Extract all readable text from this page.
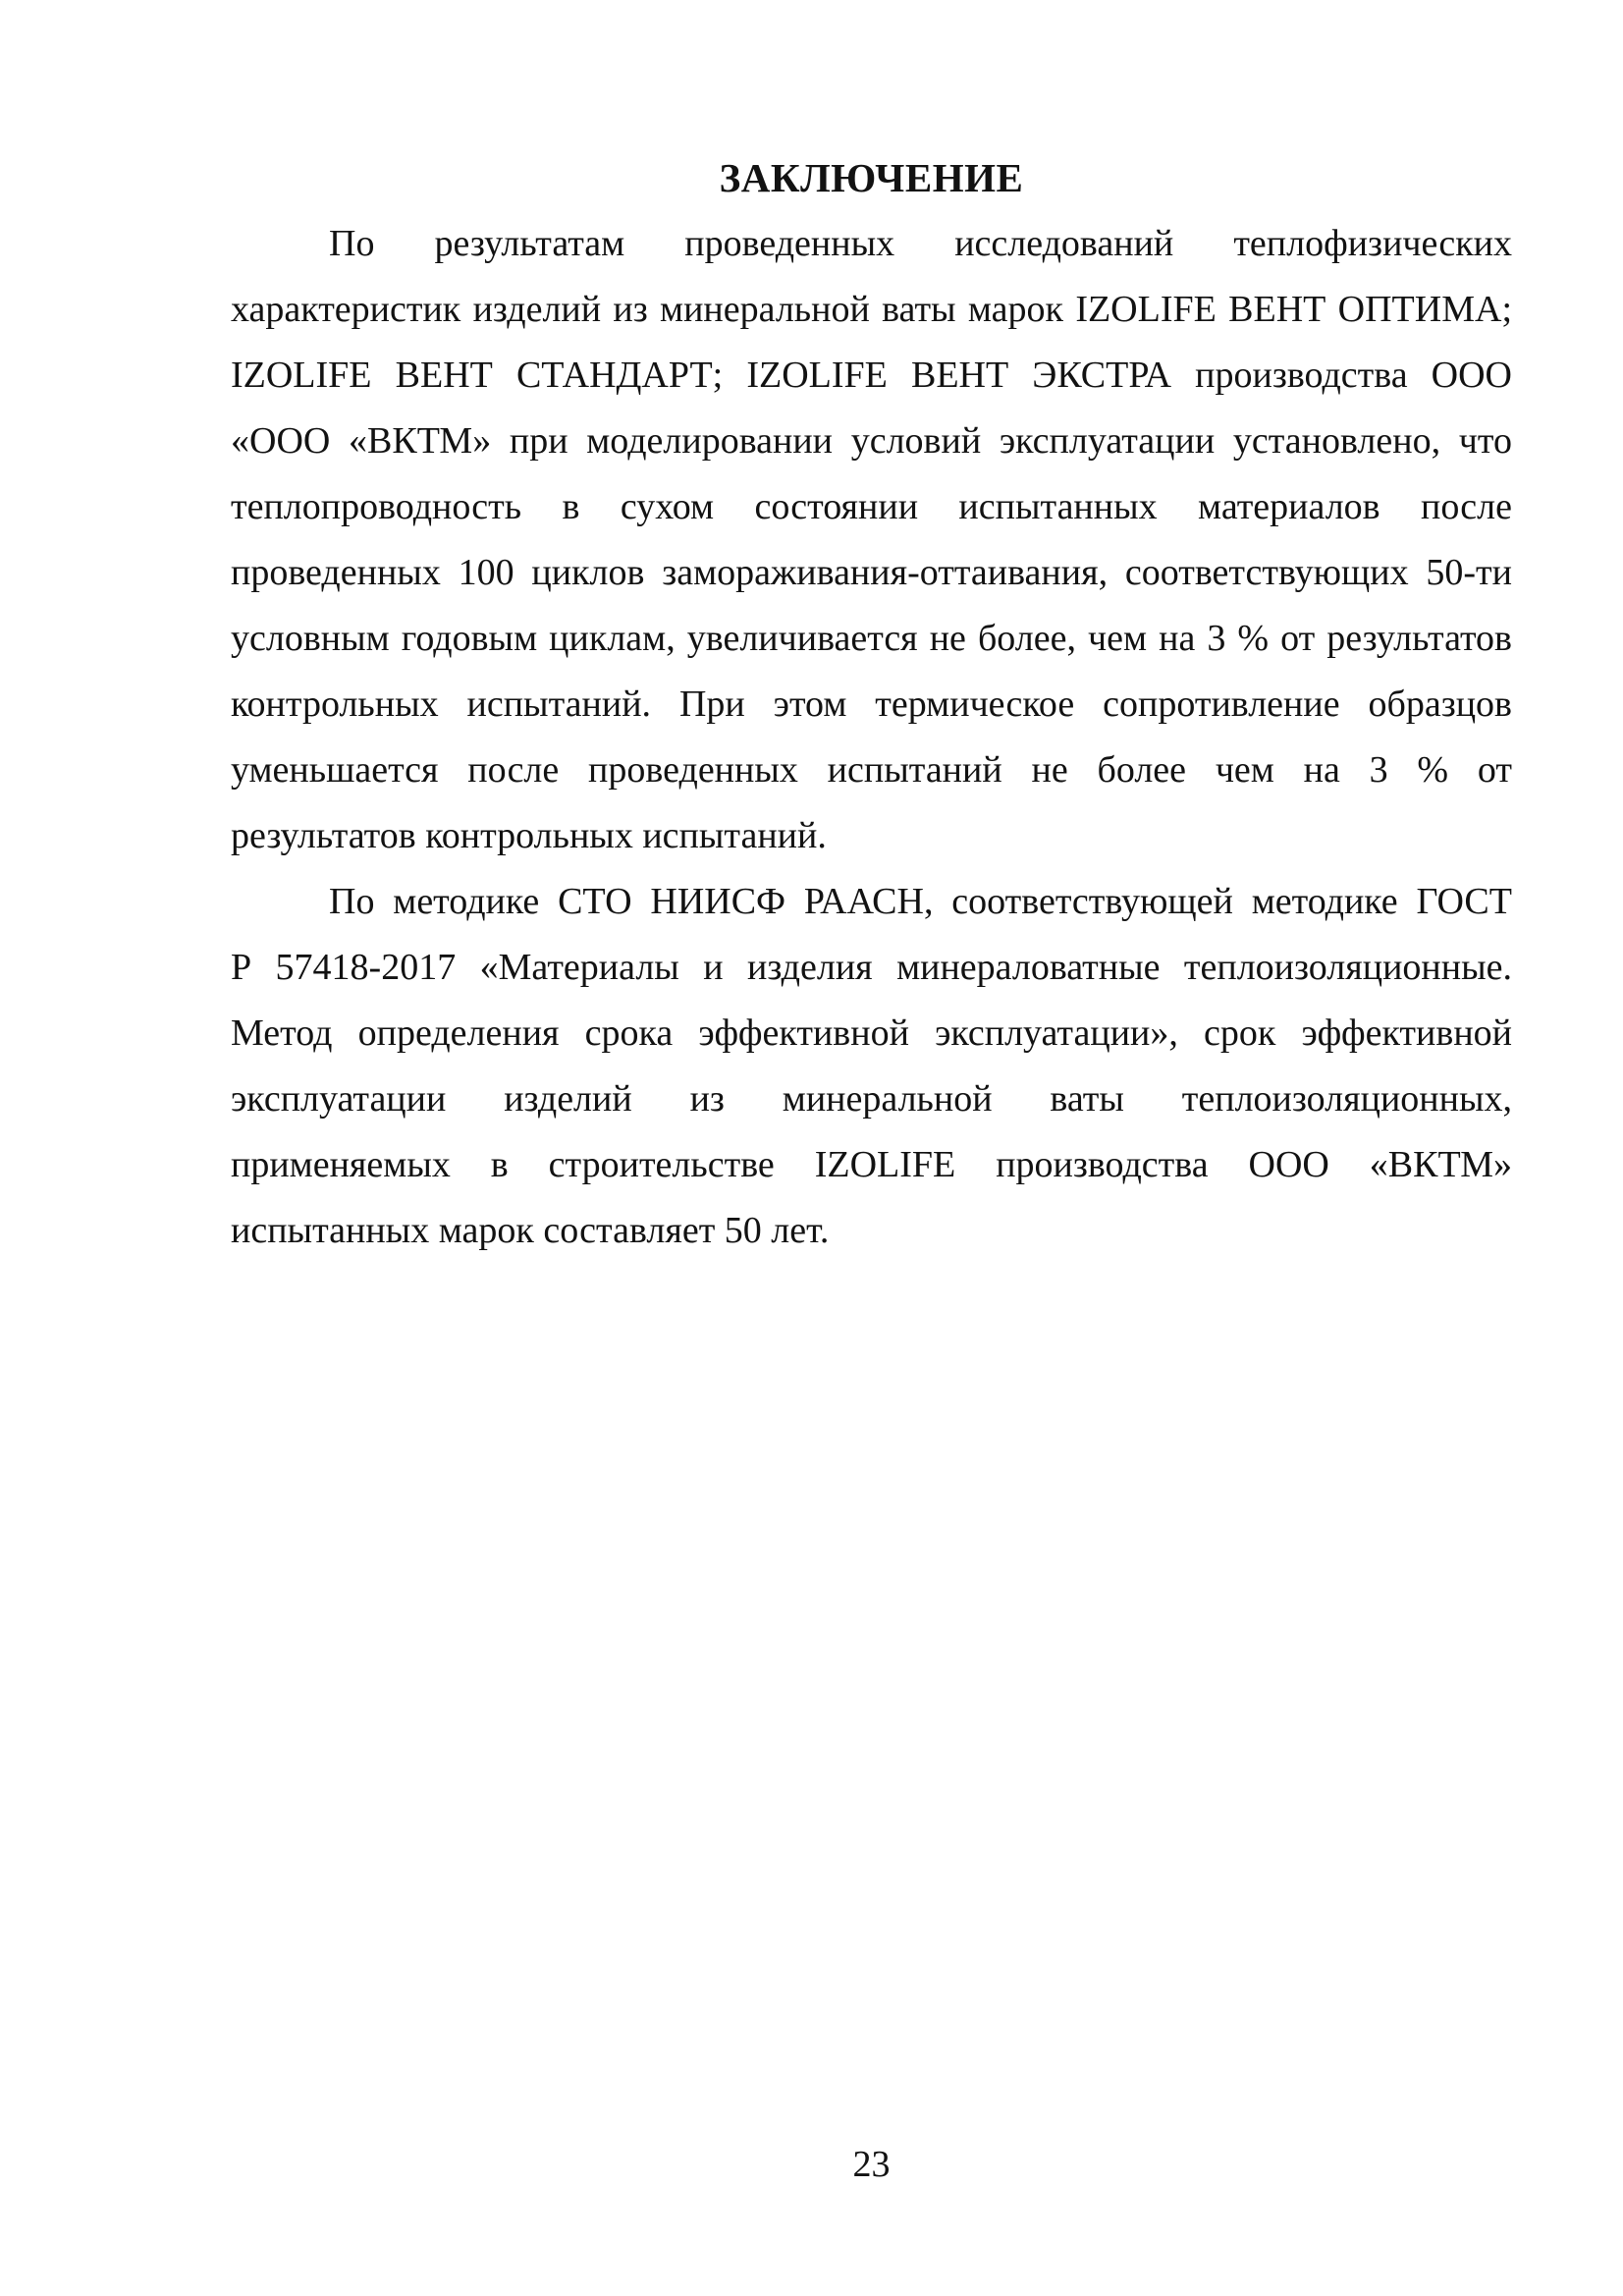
ЗАКЛЮЧЕНИЕ
По результатам проведенных исследований теплофизических
характеристик изделий из минеральной ваты марок IZOLIFE ВЕНТ ОПТИМА;
IZOLIFE ВЕНТ СТАНДАРТ; IZOLIFE ВЕНТ ЭКСТРА производства ООО
«ООО «ВКТМ» при моделировании условий эксплуатации установлено, что
теплопроводность в сухом состоянии испытанных материалов после
проведенных 100 циклов замораживания-оттаивания, соответствующих 50-ти
условным годовым циклам, увеличивается не более, чем на 3 % от результатов
контрольных испытаний. При этом термическое сопротивление образцов
уменьшается после проведенных испытаний не более чем на 3 % от
результатов контрольных испытаний.
По методике СТО НИИСФ РААСН, соответствующей методике ГОСТ
Р 57418-2017 «Материалы и изделия минераловатные теплоизоляционные.
Метод определения срока эффективной эксплуатации», срок эффективной
эксплуатации изделий из минеральной ваты теплоизоляционных,
применяемых в строительстве IZOLIFE производства ООО «ВКТМ»
испытанных марок составляет 50 лет.
23
